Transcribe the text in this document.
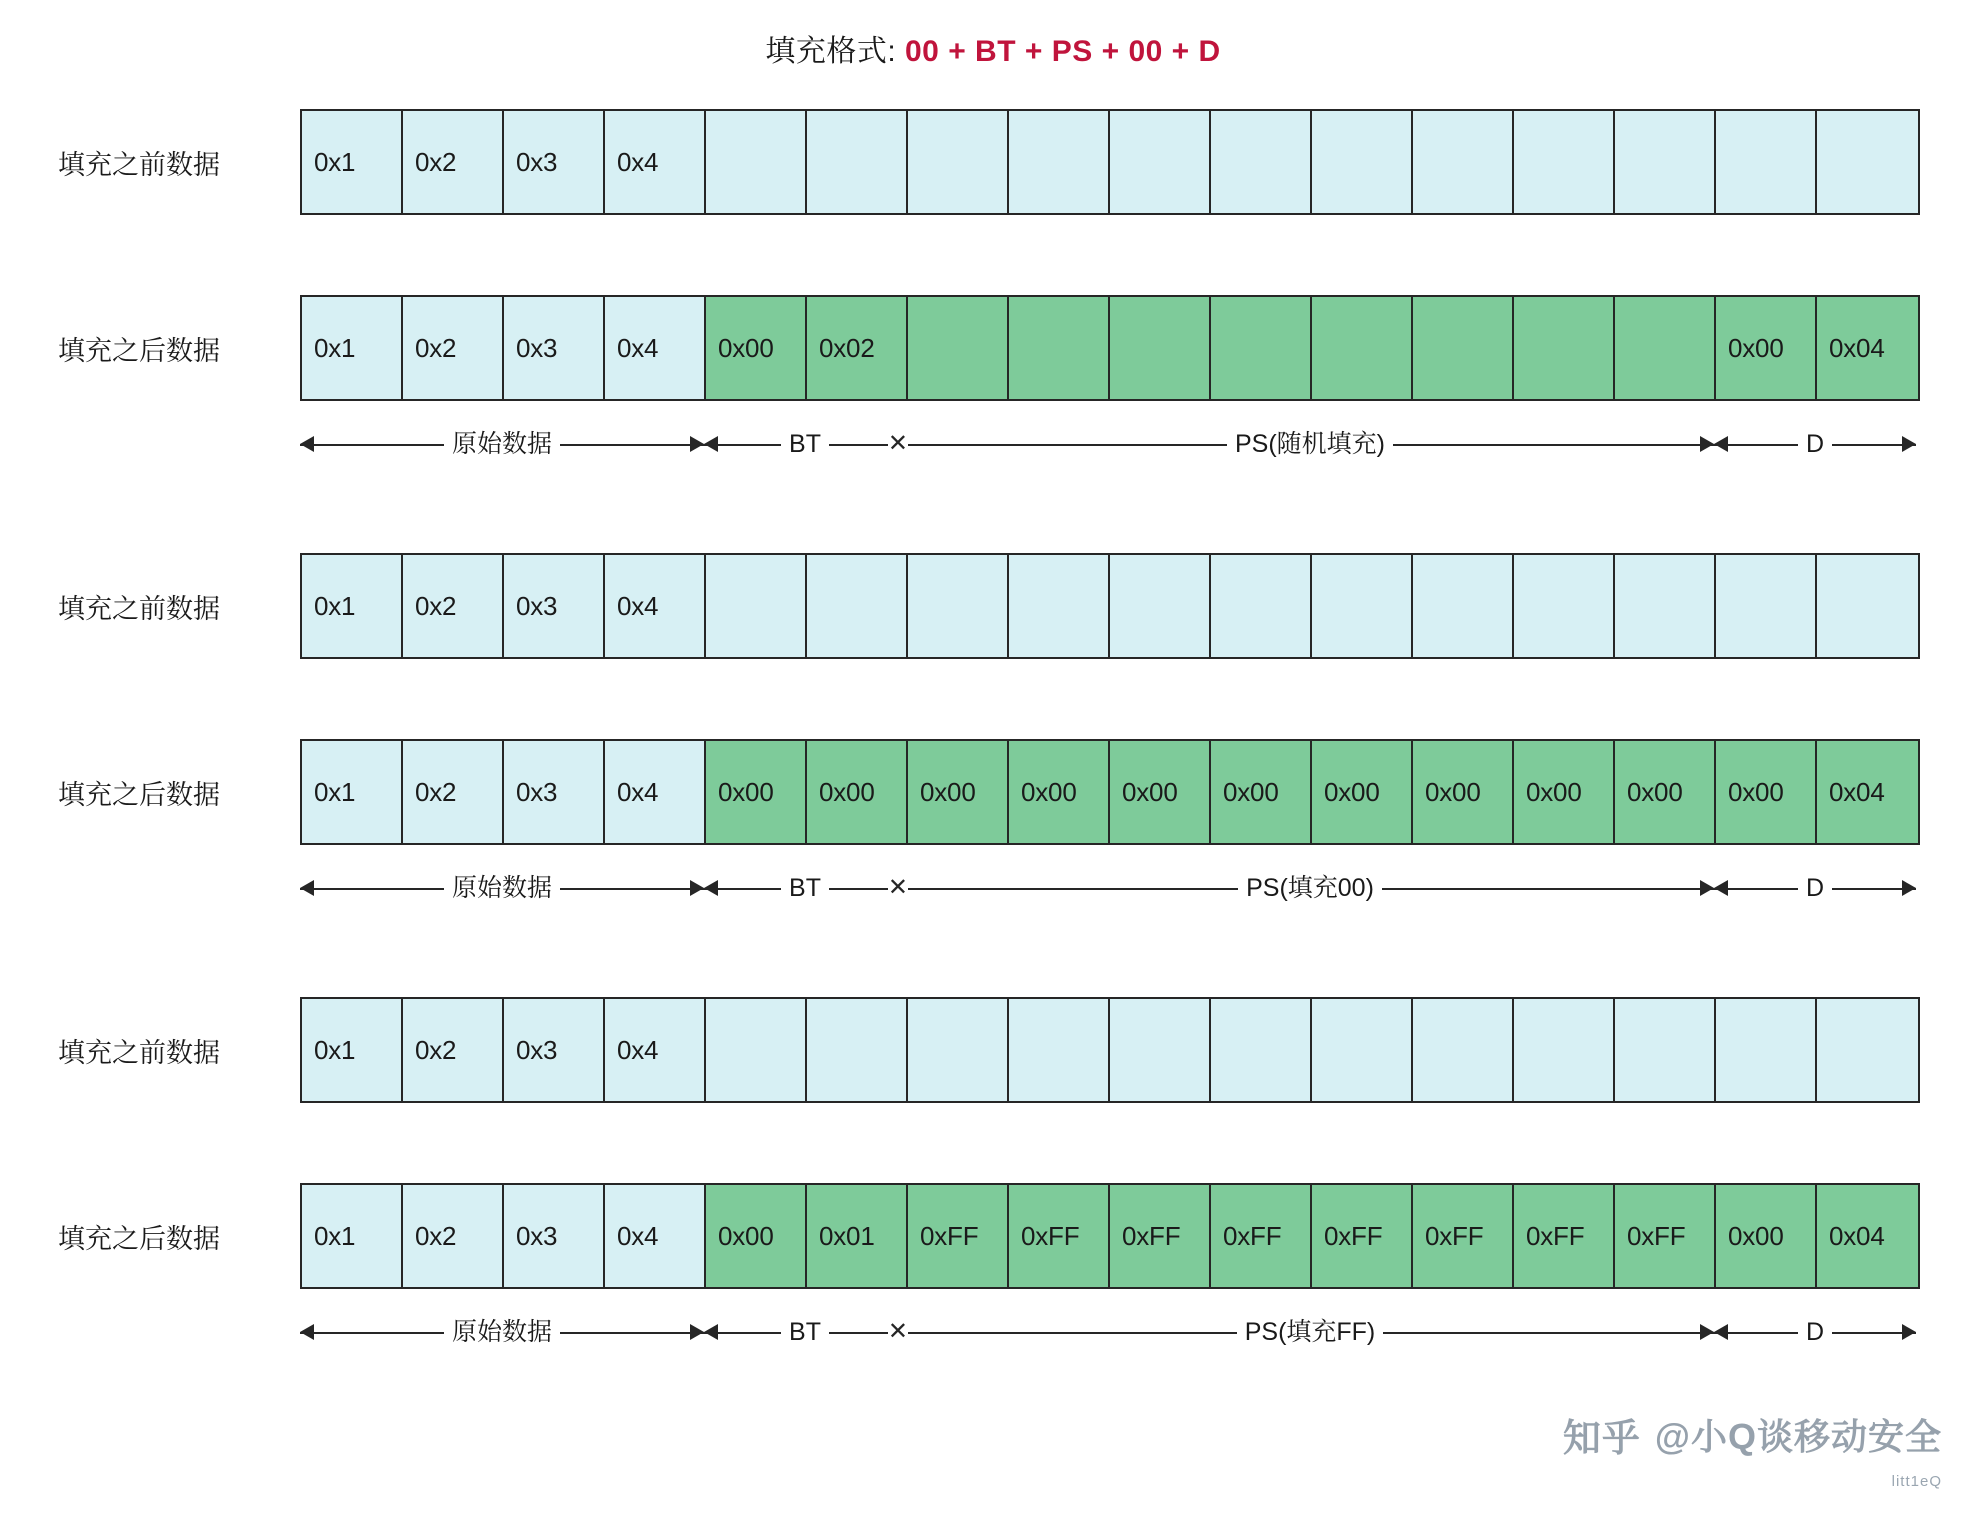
填充格式: 00 + BT + PS + 00 + D
填充之前数据	0x1	0x2	0x3	0x4
填充之后数据	0x1	0x2	0x3	0x4	0x00	0x02	0x00	0x04
原始数据	BT	✕	PS(随机填充)	D
填充之前数据	0x1	0x2	0x3	0x4
填充之后数据	0x1	0x2	0x3	0x4	0x00	0x00	0x00	0x00	0x00	0x00	0x00	0x00	0x00	0x00	0x00	0x04
原始数据	BT	✕	PS(填充00)	D
填充之前数据	0x1	0x2	0x3	0x4
填充之后数据	0x1	0x2	0x3	0x4	0x00	0x01	0xFF	0xFF	0xFF	0xFF	0xFF	0xFF	0xFF	0xFF	0x00	0x04
原始数据	BT	✕	PS(填充FF)	D
知乎 @小Q谈移动安全
litt1eQ
